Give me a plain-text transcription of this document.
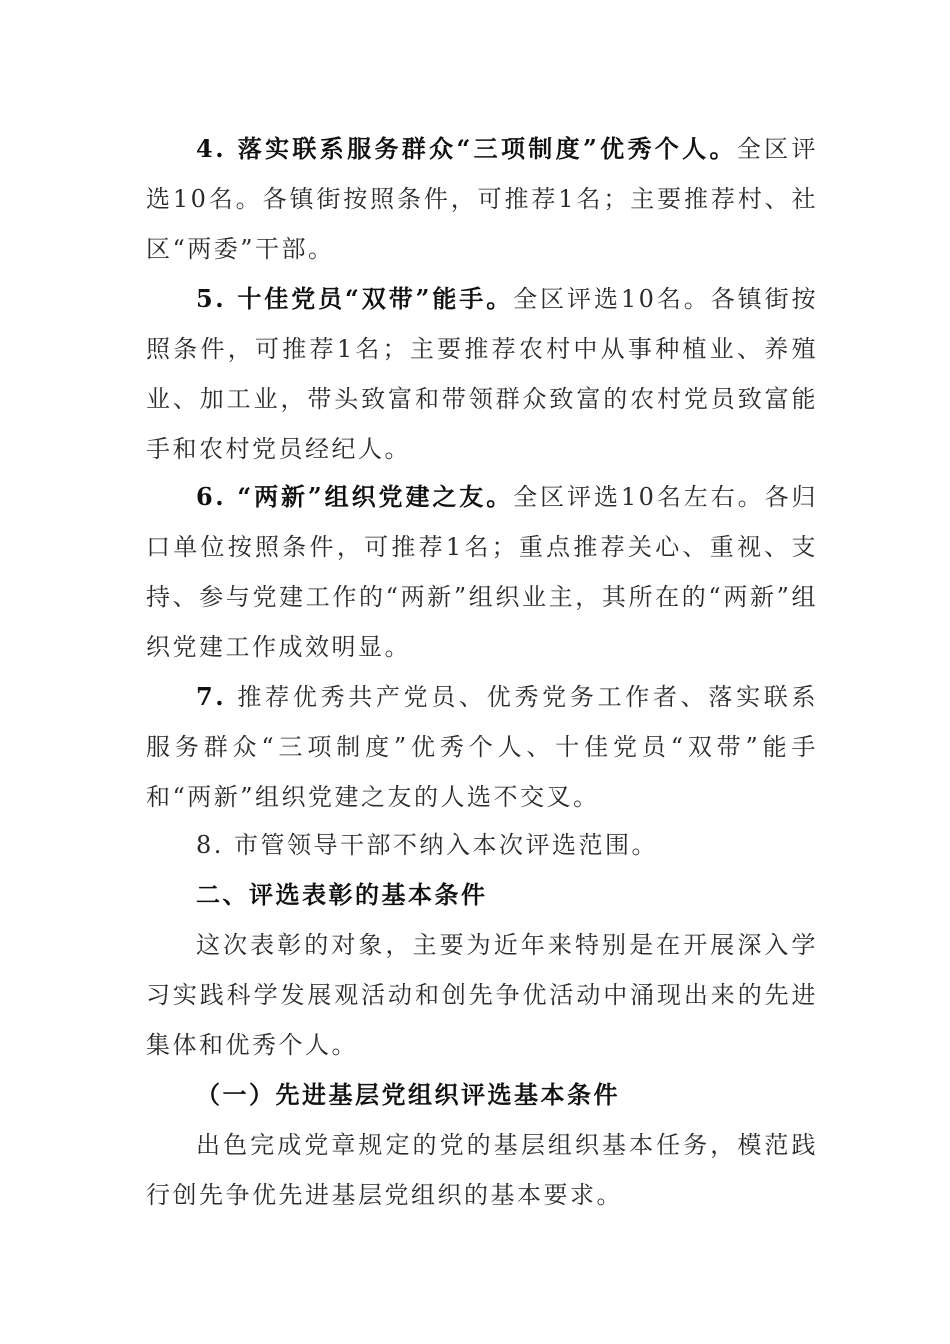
4. 落实联系服务群众“三项制度”优秀个人。全区评选10名。各镇街按照条件，可推荐1名；主要推荐村、社区“两委”干部。

5. 十佳党员“双带”能手。全区评选10名。各镇街按照条件，可推荐1名；主要推荐农村中从事种植业、养殖业、加工业，带头致富和带领群众致富的农村党员致富能手和农村党员经纪人。

6. “两新”组织党建之友。全区评选10名左右。各归口单位按照条件，可推荐1名；重点推荐关心、重视、支持、参与党建工作的“两新”组织业主，其所在的“两新”组织党建工作成效明显。

7. 推荐优秀共产党员、优秀党务工作者、落实联系服务群众“三项制度”优秀个人、十佳党员“双带”能手和“两新”组织党建之友的人选不交叉。

8. 市管领导干部不纳入本次评选范围。

二、评选表彰的基本条件

这次表彰的对象，主要为近年来特别是在开展深入学习实践科学发展观活动和创先争优活动中涌现出来的先进集体和优秀个人。

（一）先进基层党组织评选基本条件

出色完成党章规定的党的基层组织基本任务，模范践行创先争优先进基层党组织的基本要求。
